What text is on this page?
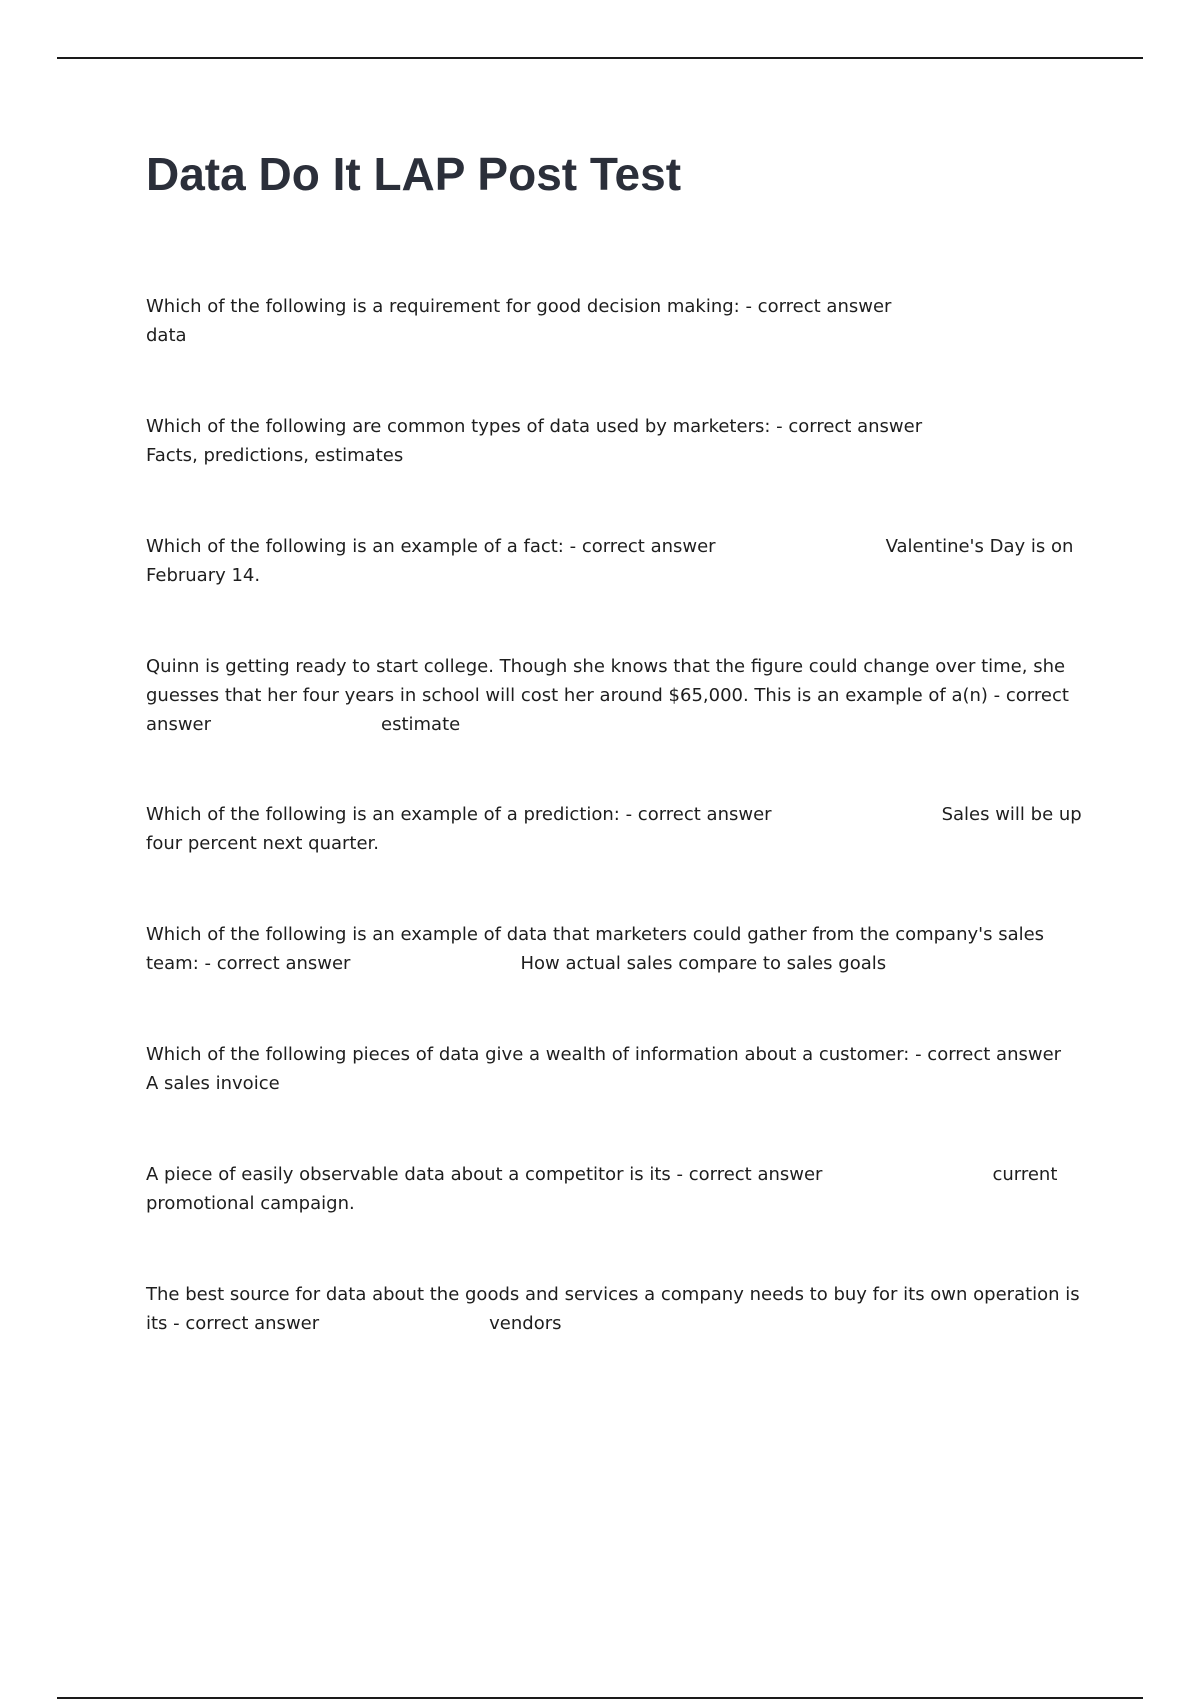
Data Do It LAP Post Test
Which of the following is a requirement for good decision making: - correct answer
data
Which of the following are common types of data used by marketers: - correct answer
Facts, predictions, estimates
Which of the following is an example of a fact: - correct answer	Valentine's Day is on February 14.
Quinn is getting ready to start college. Though she knows that the figure could change over time, she guesses that her four years in school will cost her around $65,000. This is an example of a(n) - correct answer	estimate
Which of the following is an example of a prediction: - correct answer	Sales will be up four percent next quarter.
Which of the following is an example of data that marketers could gather from the company's sales team: - correct answer	How actual sales compare to sales goals
Which of the following pieces of data give a wealth of information about a customer: - correct answer
A sales invoice
A piece of easily observable data about a competitor is its - correct answer	current promotional campaign.
The best source for data about the goods and services a company needs to buy for its own operation is its - correct answer	vendors
